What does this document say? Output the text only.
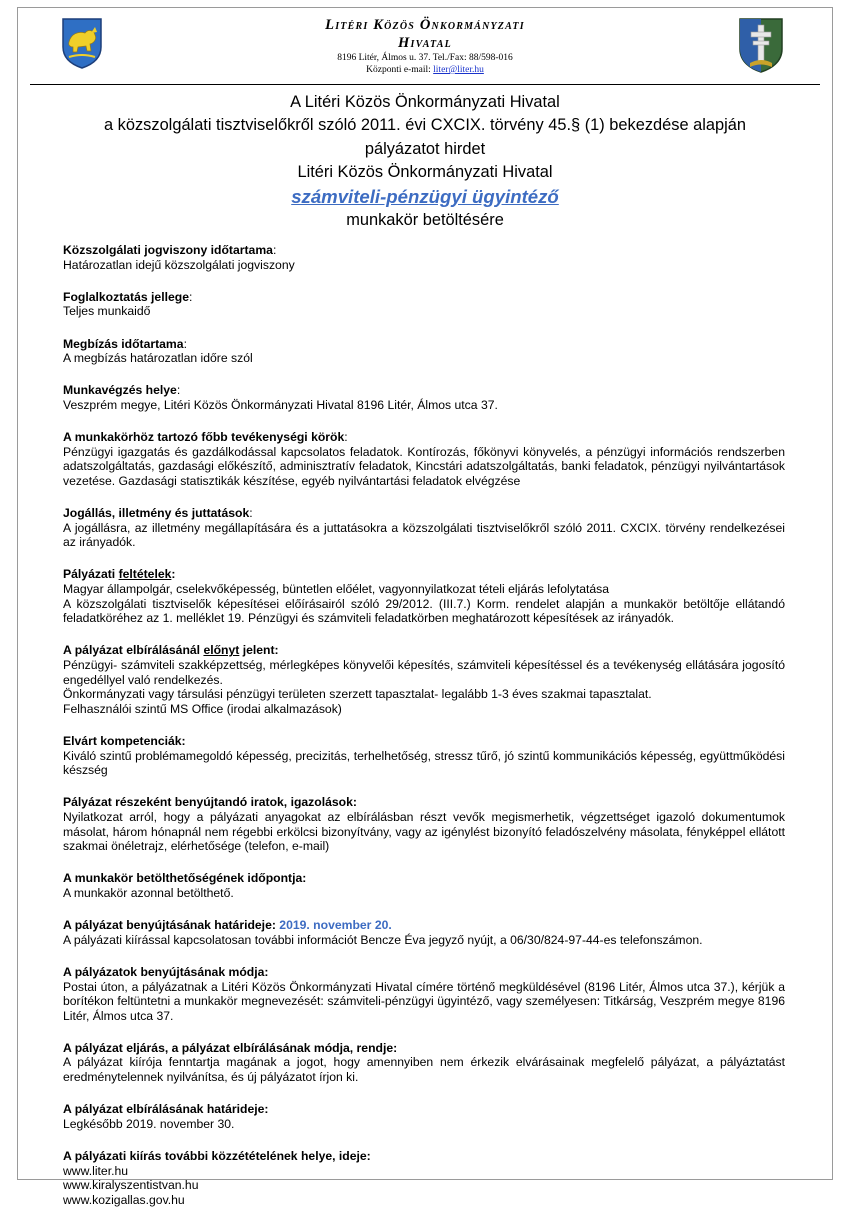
Litéri Közös Önkormányzati
Hivatal
8196 Litér, Álmos u. 37. Tel./Fax: 88/598-016
Központi e-mail: liter@liter.hu
A Litéri Közös Önkormányzati Hivatal
a közszolgálati tisztviselőkről szóló 2011. évi CXCIX. törvény 45.§ (1) bekezdése alapján
pályázatot hirdet
Litéri Közös Önkormányzati Hivatal
számviteli-pénzügyi ügyintéző
munkakör betöltésére
Közszolgálati jogviszony időtartama:
Határozatlan idejű közszolgálati jogviszony
Foglalkoztatás jellege:
Teljes munkaidő
Megbízás időtartama:
A megbízás határozatlan időre szól
Munkavégzés helye:
Veszprém megye, Litéri Közös Önkormányzati Hivatal 8196 Litér, Álmos utca 37.
A munkakörhöz tartozó főbb tevékenységi körök:
Pénzügyi igazgatás és gazdálkodással kapcsolatos feladatok. Kontírozás, főkönyvi könyvelés, a pénzügyi információs rendszerben adatszolgáltatás, gazdasági előkészítő, adminisztratív feladatok, Kincstári adatszolgáltatás, banki feladatok, pénzügyi nyilvántartások vezetése. Gazdasági statisztikák készítése, egyéb nyilvántartási feladatok elvégzése
Jogállás, illetmény és juttatások:
A jogállásra, az illetmény megállapítására és a juttatásokra a közszolgálati tisztviselőkről szóló 2011. CXCIX. törvény rendelkezései az irányadók.
Pályázati feltételek:
Magyar állampolgár, cselekvőképesség, büntetlen előélet, vagyonnyilatkozat tételi eljárás lefolytatása
A közszolgálati tisztviselők képesítései előírásairól szóló 29/2012. (III.7.) Korm. rendelet alapján a munkakör betöltője ellátandó feladatköréhez az 1. melléklet 19. Pénzügyi és számviteli feladatkörben meghatározott képesítések az irányadók.
A pályázat elbírálásánál előnyt jelent:
Pénzügyi- számviteli szakképzettség, mérlegképes könyvelői képesítés, számviteli képesítéssel és a tevékenység ellátására jogosító engedéllyel való rendelkezés.
Önkormányzati vagy társulási pénzügyi területen szerzett tapasztalat- legalább 1-3 éves szakmai tapasztalat.
Felhasználói szintű MS Office (irodai alkalmazások)
Elvárt kompetenciák:
Kiváló szintű problémamegoldó képesség, precizitás, terhelhetőség, stressz tűrő, jó szintű kommunikációs képesség, együttműködési készség
Pályázat részeként benyújtandó iratok, igazolások:
Nyilatkozat arról, hogy a pályázati anyagokat az elbírálásban részt vevők megismerhetik, végzettséget igazoló dokumentumok másolat, három hónapnál nem régebbi erkölcsi bizonyítvány, vagy az igénylést bizonyító feladószelvény másolata, fényképpel ellátott szakmai önéletrajz, elérhetősége (telefon, e-mail)
A munkakör betölthetőségének időpontja:
A munkakör azonnal betölthető.
A pályázat benyújtásának határideje: 2019. november 20.
A pályázati kiírással kapcsolatosan további információt Bencze Éva jegyző nyújt, a 06/30/824-97-44-es telefonszámon.
A pályázatok benyújtásának módja:
Postai úton, a pályázatnak a Litéri Közös Önkormányzati Hivatal címére történő megküldésével (8196 Litér, Álmos utca 37.), kérjük a borítékon feltüntetni a munkakör megnevezését: számviteli-pénzügyi ügyintéző, vagy személyesen: Titkárság, Veszprém megye 8196 Litér, Álmos utca 37.
A pályázat eljárás, a pályázat elbírálásának módja, rendje:
A pályázat kiírója fenntartja magának a jogot, hogy amennyiben nem érkezik elvárásainak megfelelő pályázat, a pályáztatást eredménytelennek nyilvánítsa, és új pályázatot írjon ki.
A pályázat elbírálásának határideje:
Legkésőbb 2019. november 30.
A pályázati kiírás további közzétételének helye, ideje:
www.liter.hu
www.kiralyszentistvan.hu
www.kozigallas.gov.hu
